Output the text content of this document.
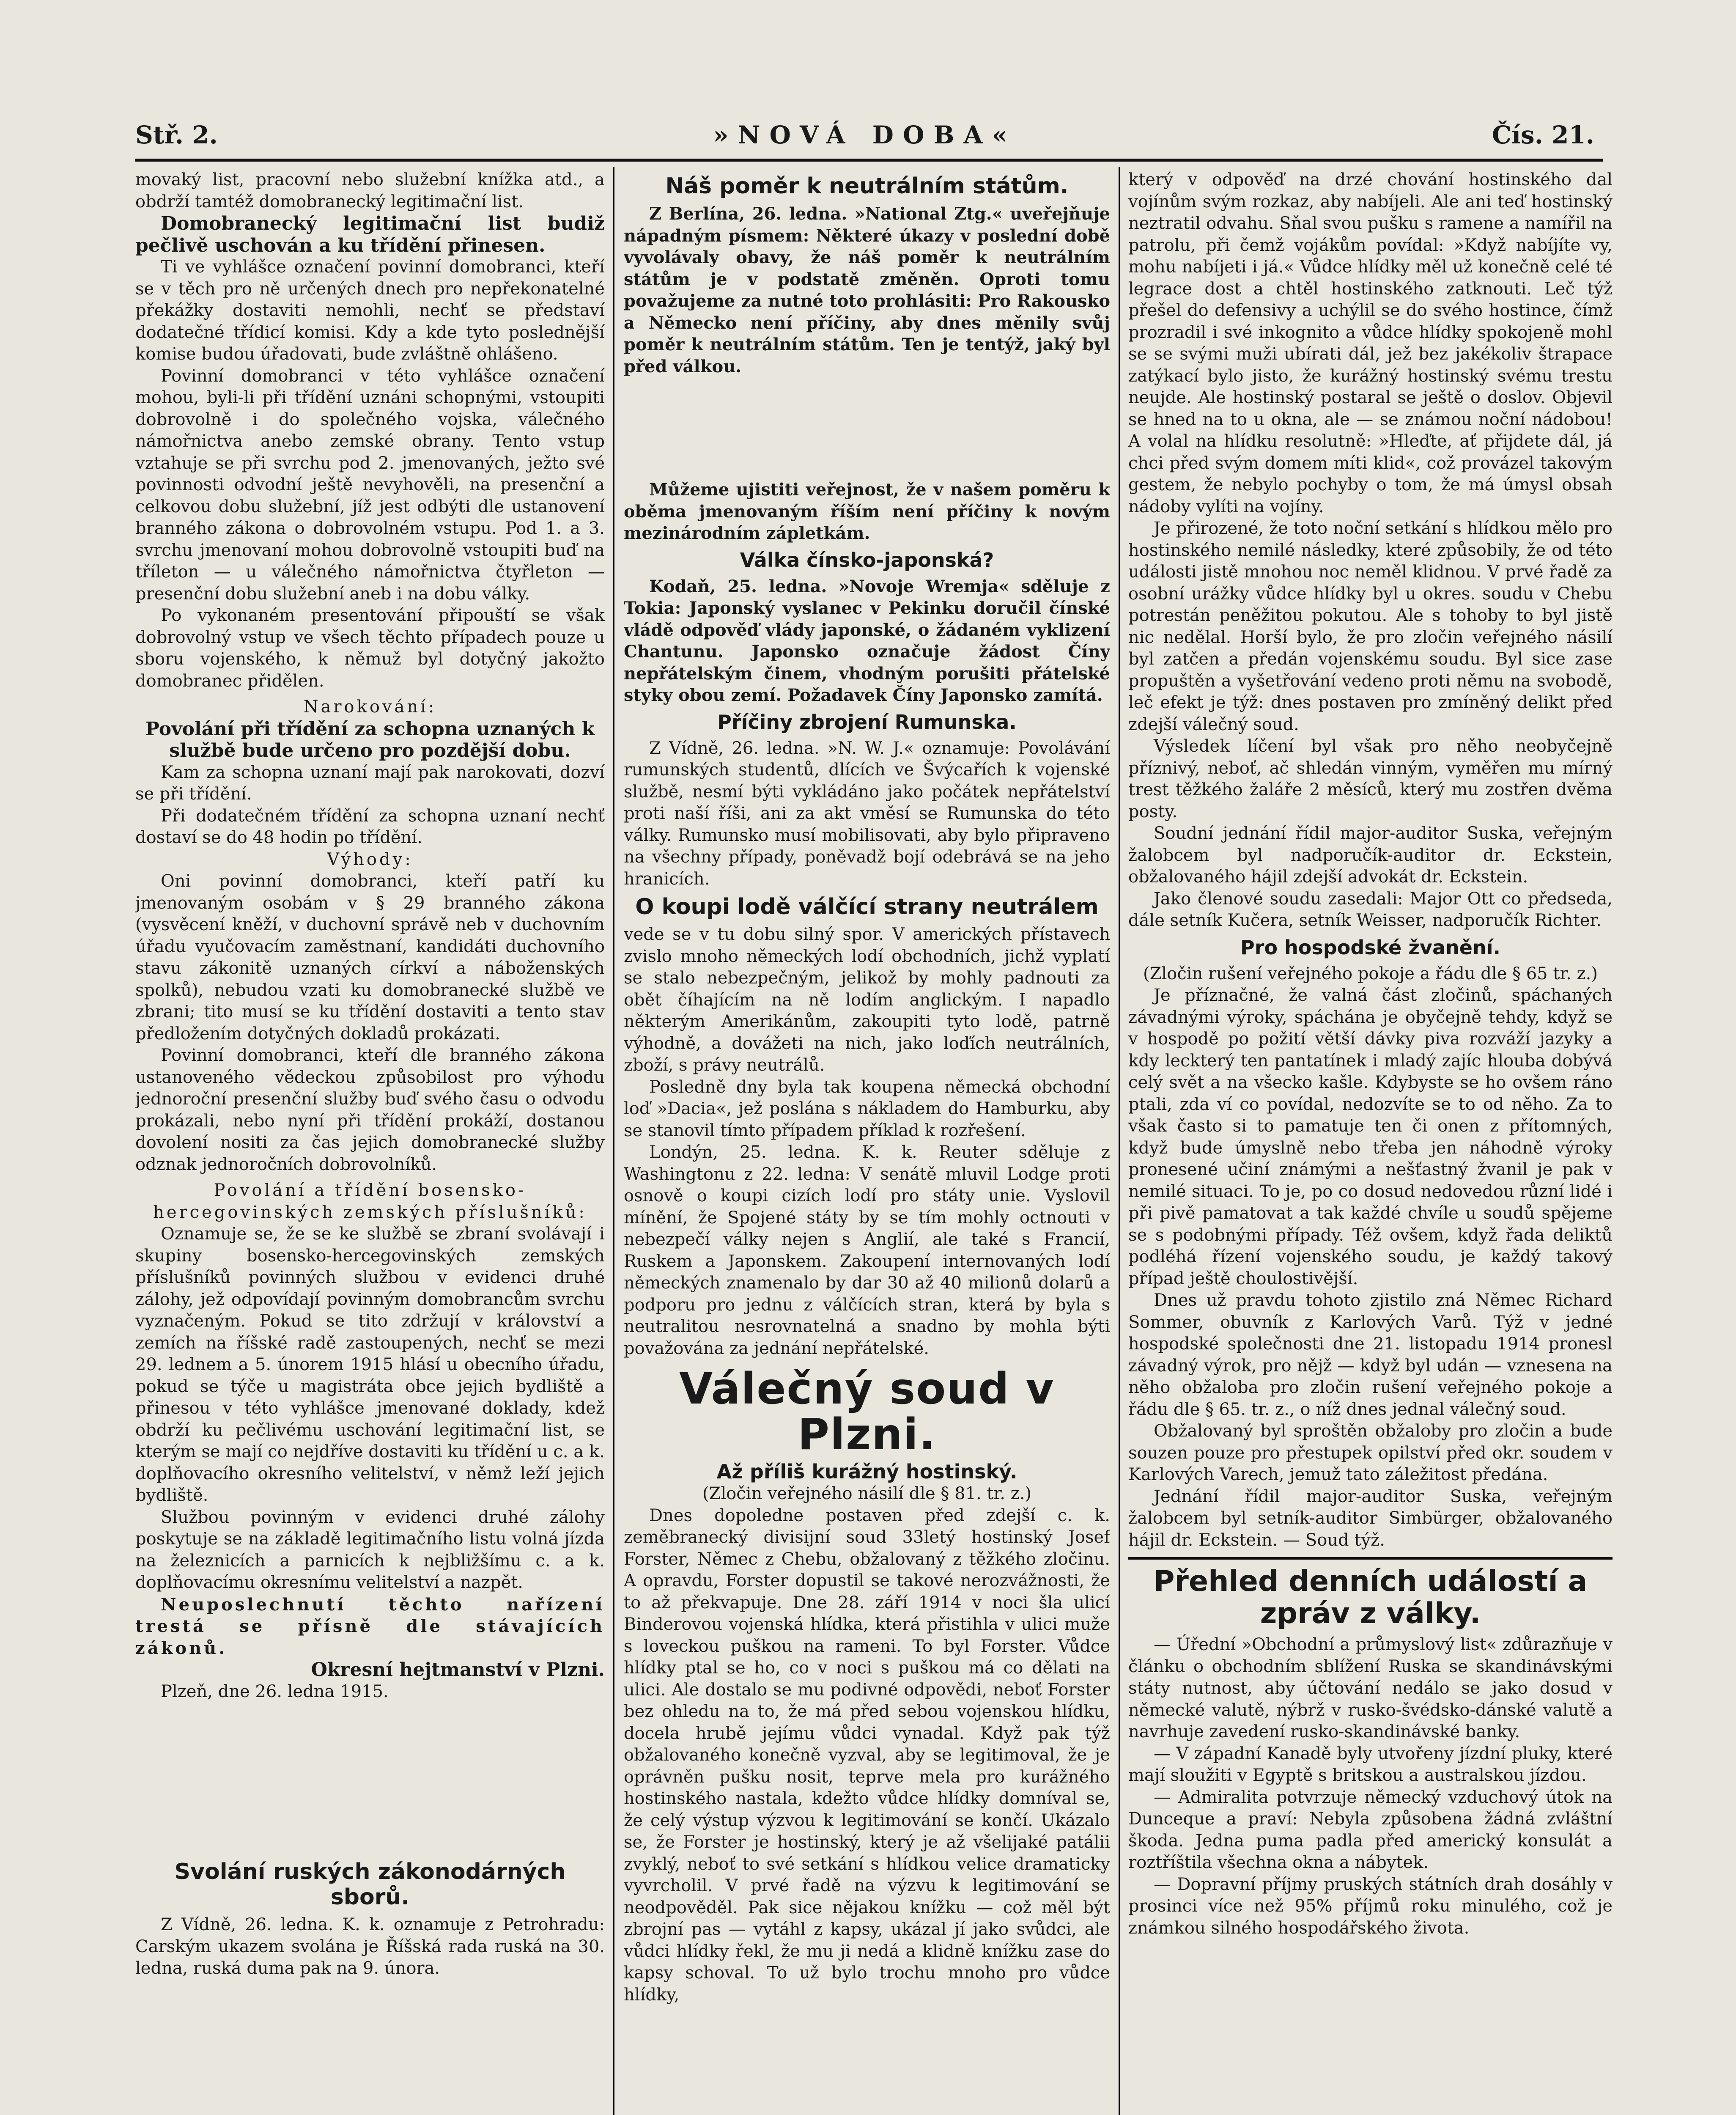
Stř. 2.	»NOVÁ DOBA«	Čís. 21.

movaký list, pracovní nebo služební knížka atd., a obdrží tamtéž domobranecký legitimační list.

Domobranecký legitimační list budiž pečlivě uschován a ku třídění přinesen.

Ti ve vyhlášce označení povinní domobranci, kteří se v těch pro ně určených dnech pro nepřekonatelné překážky dostaviti nemohli, nechť se představí dodatečné třídicí komisi. Kdy a kde tyto poslednější komise budou úřadovati, bude zvláštně ohlášeno.

Povinní domobranci v této vyhlášce označení mohou, byli-li při třídění uznáni schopnými, vstoupiti dobrovolně i do společného vojska, válečného námořnictva anebo zemské obrany. Tento vstup vztahuje se při svrchu pod 2. jmenovaných, ježto své povinnosti odvodní ještě nevyhověli, na presenční a celkovou dobu služební, jíž jest odbýti dle ustanovení branného zákona o dobrovolném vstupu. Pod 1. a 3. svrchu jmenovaní mohou dobrovolně vstoupiti buď na tříleton — u válečného námořnictva čtyřleton — presenční dobu služební aneb i na dobu války.

Po vykonaném presentování připouští se však dobrovolný vstup ve všech těchto případech pouze u sboru vojenského, k němuž byl dotyčný jakožto domobranec přidělen.

Narokování:

Povolání při třídění za schopna uznaných k službě bude určeno pro pozdější dobu.

Kam za schopna uznaní mají pak narokovati, dozví se při třídění.

Při dodatečném třídění za schopna uznaní nechť dostaví se do 48 hodin po třídění.

Výhody:

Oni povinní domobranci, kteří patří ku jmenovaným osobám v § 29 branného zákona (vysvěcení kněží, v duchovní správě neb v duchovním úřadu vyučovacím zaměstnaní, kandidáti duchovního stavu zákonitě uznaných církví a náboženských spolků), nebudou vzati ku domobranecké službě ve zbrani; tito musí se ku třídění dostaviti a tento stav předložením dotyčných dokladů prokázati.

Povinní domobranci, kteří dle branného zákona ustanoveného vědeckou způsobilost pro výhodu jednoroční presenční služby buď svého času o odvodu prokázali, nebo nyní při třídění prokáží, dostanou dovolení nositi za čas jejich domobranecké služby odznak jednoročních dobrovolníků.

Povolání a třídění bosensko-hercegovinských zemských příslušníků:

Oznamuje se, že se ke službě se zbraní svolávají i skupiny bosensko-hercegovinských zemských příslušníků povinných službou v evidenci druhé zálohy, jež odpovídají povinným domobrancům svrchu vyznačeným. Pokud se tito zdržují v království a zemích na říšské radě zastoupených, nechť se mezi 29. lednem a 5. únorem 1915 hlásí u obecního úřadu, pokud se týče u magistráta obce jejich bydliště a přinesou v této vyhlášce jmenované doklady, kdež obdrží ku pečlivému uschování legitimační list, se kterým se mají co nejdříve dostaviti ku třídění u c. a k. doplňovacího okresního velitelství, v němž leží jejich bydliště.

Službou povinným v evidenci druhé zálohy poskytuje se na základě legitimačního listu volná jízda na železnicích a parnicích k nejbližšímu c. a k. doplňovacímu okresnímu velitelství a nazpět.

Neuposlechnutí těchto nařízení trestá se přísně dle stávajících zákonů.

Okresní hejtmanství v Plzni.

Plzeň, dne 26. ledna 1915.

Svolání ruských zákonodárných sborů.

Z Vídně, 26. ledna. K. k. oznamuje z Petrohradu: Carským ukazem svolána je Říšská rada ruská na 30. ledna, ruská duma pak na 9. února.

Náš poměr k neutrálním státům.

Z Berlína, 26. ledna. »National Ztg.« uveřejňuje nápadným písmem: Některé úkazy v poslední době vyvolávaly obavy, že náš poměr k neutrálním státům je v podstatě změněn. Oproti tomu považujeme za nutné toto prohlásiti: Pro Rakousko a Německo není příčiny, aby dnes měnily svůj poměr k neutrálním státům. Ten je tentýž, jaký byl před válkou.

Můžeme ujistiti veřejnost, že v našem poměru k oběma jmenovaným říším není příčiny k novým mezinárodním zápletkám.

Válka čínsko-japonská?

Kodaň, 25. ledna. »Novoje Wremja« sděluje z Tokia: Japonský vyslanec v Pekinku doručil čínské vládě odpověď vlády japonské, o žádaném vyklizení Chantunu. Japonsko označuje žádost Číny nepřátelským činem, vhodným porušiti přátelské styky obou zemí. Požadavek Číny Japonsko zamítá.

Příčiny zbrojení Rumunska.

Z Vídně, 26. ledna. »N. W. J.« oznamuje: Povolávání rumunských studentů, dlících ve Švýcařích k vojenské službě, nesmí býti vykládáno jako počátek nepřátelství proti naší říši, ani za akt vměsí se Rumunska do této války. Rumunsko musí mobilisovati, aby bylo připraveno na všechny případy, poněvadž bojí odebrává se na jeho hranicích.

O koupi lodě válčící strany neutrálem

vede se v tu dobu silný spor. V amerických přístavech zvislo mnoho německých lodí obchodních, jichž vyplatí se stalo nebezpečným, jelikož by mohly padnouti za obět číhajícím na ně lodím anglickým. I napadlo některým Amerikánům, zakoupiti tyto lodě, patrně výhodně, a dovážeti na nich, jako loďích neutrálních, zboží, s právy neutrálů.

Posledně dny byla tak koupena německá obchodní loď »Dacia«, jež poslána s nákladem do Hamburku, aby se stanovil tímto případem příklad k rozřešení.

Londýn, 25. ledna. K. k. Reuter sděluje z Washingtonu z 22. ledna: V senátě mluvil Lodge proti osnově o koupi cizích lodí pro státy unie. Vyslovil mínění, že Spojené státy by se tím mohly octnouti v nebezpečí války nejen s Anglií, ale také s Francií, Ruskem a Japonskem. Zakoupení internovaných lodí německých znamenalo by dar 30 až 40 milionů dolarů a podporu pro jednu z válčících stran, která by byla s neutralitou nesrovnatelná a snadno by mohla býti považována za jednání nepřátelské.

Válečný soud v Plzni.
Až příliš kurážný hostinský.
(Zločin veřejného násilí dle § 81. tr. z.)

Dnes dopoledne postaven před zdejší c. k. zeměbranecký divisijní soud 33letý hostinský Josef Forster, Němec z Chebu, obžalovaný z těžkého zločinu. A opravdu, Forster dopustil se takové nerozvážnosti, že to až překvapuje. Dne 28. září 1914 v noci šla ulicí Binderovou vojenská hlídka, která přistihla v ulici muže s loveckou puškou na rameni. To byl Forster. Vůdce hlídky ptal se ho, co v noci s puškou má co dělati na ulici. Ale dostalo se mu podivné odpovědi, neboť Forster bez ohledu na to, že má před sebou vojenskou hlídku, docela hrubě jejímu vůdci vynadal. Když pak týž obžalovaného konečně vyzval, aby se legitimoval, že je oprávněn pušku nosit, teprve mela pro kurážného hostinského nastala, kdežto vůdce hlídky domníval se, že celý výstup výzvou k legitimování se končí. Ukázalo se, že Forster je hostinský, který je až všelijaké patálii zvyklý, neboť to své setkání s hlídkou velice dramaticky vyvrcholil. V prvé řadě na výzvu k legitimování se neodpověděl. Pak sice nějakou knížku — což měl být zbrojní pas — vytáhl z kapsy, ukázal jí jako svůdci, ale vůdci hlídky řekl, že mu ji nedá a klidně knížku zase do kapsy schoval. To už bylo trochu mnoho pro vůdce hlídky,

který v odpověď na drzé chování hostinského dal vojínům svým rozkaz, aby nabíjeli. Ale ani teď hostinský neztratil odvahu. Sňal svou pušku s ramene a namířil na patrolu, při čemž vojákům povídal: »Když nabíjíte vy, mohu nabíjeti i já.« Vůdce hlídky měl už konečně celé té legrace dost a chtěl hostinského zatknouti. Leč týž přešel do defensivy a uchýlil se do svého hostince, čímž prozradil i své inkognito a vůdce hlídky spokojeně mohl se se svými muži ubírati dál, jež bez jakékoliv štrapace zatýkací bylo jisto, že kurážný hostinský svému trestu neujde. Ale hostinský postaral se ještě o doslov. Objevil se hned na to u okna, ale — se známou noční nádobou! A volal na hlídku resolutně: »Hleďte, ať přijdete dál, já chci před svým domem míti klid«, což provázel takovým gestem, že nebylo pochyby o tom, že má úmysl obsah nádoby vylíti na vojíny.

Je přirozené, že toto noční setkání s hlídkou mělo pro hostinského nemilé následky, které způsobily, že od této události jistě mnohou noc neměl klidnou. V prvé řadě za osobní urážky vůdce hlídky byl u okres. soudu v Chebu potrestán peněžitou pokutou. Ale s tohoby to byl jistě nic nedělal. Horší bylo, že pro zločin veřejného násilí byl zatčen a předán vojenskému soudu. Byl sice zase propuštěn a vyšetřování vedeno proti němu na svobodě, leč efekt je týž: dnes postaven pro zmíněný delikt před zdejší válečný soud.

Výsledek líčení byl však pro něho neobyčejně příznivý, neboť, ač shledán vinným, vyměřen mu mírný trest těžkého žaláře 2 měsíců, který mu zostřen dvěma posty.

Soudní jednání řídil major-auditor Suska, veřejným žalobcem byl nadporučík-auditor dr. Eckstein, obžalovaného hájil zdejší advokát dr. Eckstein.

Jako členové soudu zasedali: Major Ott co předseda, dále setník Kučera, setník Weisser, nadporučík Richter.

Pro hospodské žvanění.
(Zločin rušení veřejného pokoje a řádu dle § 65 tr. z.)

Je příznačné, že valná část zločinů, spáchaných závadnými výroky, spáchána je obyčejně tehdy, když se v hospodě po požití větší dávky piva rozváží jazyky a kdy leckterý ten pantatínek i mladý zajíc hlouba dobývá celý svět a na všecko kašle. Kdybyste se ho ovšem ráno ptali, zda ví co povídal, nedozvíte se to od něho. Za to však často si to pamatuje ten či onen z přítomných, když bude úmyslně nebo třeba jen náhodně výroky pronesené učiní známými a nešťastný žvanil je pak v nemilé situaci. To je, po co dosud nedovedou různí lidé i při pivě pamatovat a tak každé chvíle u soudů spějeme se s podobnými případy. Též ovšem, když řada deliktů podléhá řízení vojenského soudu, je každý takový případ ještě choulostivější.

Dnes už pravdu tohoto zjistilo zná Němec Richard Sommer, obuvník z Karlových Varů. Týž v jedné hospodské společnosti dne 21. listopadu 1914 pronesl závadný výrok, pro nějž — když byl udán — vznesena na něho obžaloba pro zločin rušení veřejného pokoje a řádu dle § 65. tr. z., o níž dnes jednal válečný soud.

Obžalovaný byl sproštěn obžaloby pro zločin a bude souzen pouze pro přestupek opilství před okr. soudem v Karlových Varech, jemuž tato záležitost předána.

Jednání řídil major-auditor Suska, veřejným žalobcem byl setník-auditor Simbürger, obžalovaného hájil dr. Eckstein. — Soud týž.

Přehled denních událostí a zpráv z války.

— Úřední »Obchodní a průmyslový list« zdůrazňuje v článku o obchodním sblížení Ruska se skandinávskými státy nutnost, aby účtování nedálo se jako dosud v německé valutě, nýbrž v rusko-švédsko-dánské valutě a navrhuje zavedení rusko-skandinávské banky.

— V západní Kanadě byly utvořeny jízdní pluky, které mají sloužiti v Egyptě s britskou a australskou jízdou.

— Admiralita potvrzuje německý vzduchový útok na Dunceque a praví: Nebyla způsobena žádná zvláštní škoda. Jedna puma padla před americký konsulát a roztříštila všechna okna a nábytek.

— Dopravní příjmy pruských státních drah dosáhly v prosinci více než 95% příjmů roku minulého, což je známkou silného hospodářského života.
